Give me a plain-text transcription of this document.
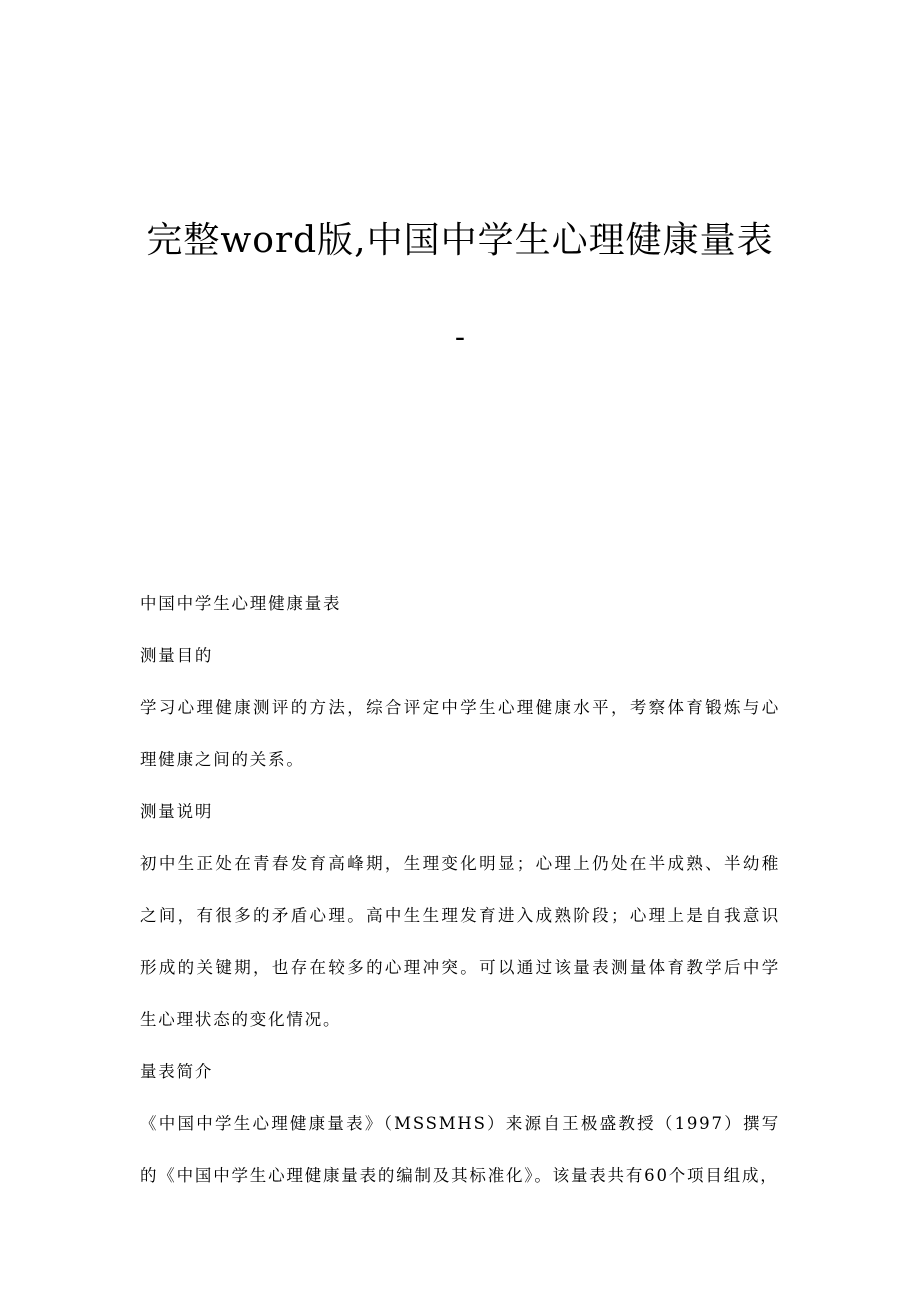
完整word版,中国中学生心理健康量表
-

中国中学生心理健康量表

测量目的

学习心理健康测评的方法，综合评定中学生心理健康水平，考察体育锻炼与心理健康之间的关系。

测量说明

初中生正处在青春发育高峰期，生理变化明显；心理上仍处在半成熟、半幼稚之间，有很多的矛盾心理。高中生生理发育进入成熟阶段；心理上是自我意识形成的关键期，也存在较多的心理冲突。可以通过该量表测量体育教学后中学生心理状态的变化情况。

量表简介

《中国中学生心理健康量表》（MSSMHS）来源自王极盛教授（1997）撰写的《中国中学生心理健康量表的编制及其标准化》。该量表共有60个项目组成，
